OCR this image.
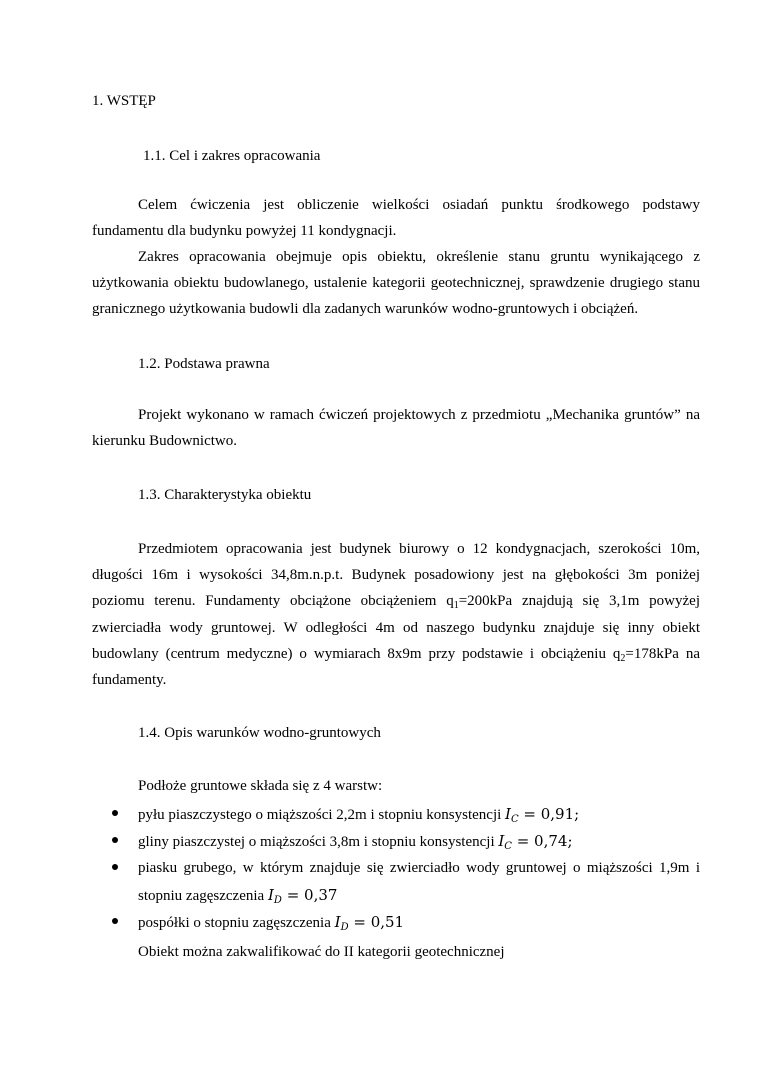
1. WSTĘP
1.1. Cel i zakres opracowania

Celem ćwiczenia jest obliczenie wielkości osiadań punktu środkowego podstawy fundamentu dla budynku powyżej 11 kondygnacji.

Zakres opracowania obejmuje opis obiektu, określenie stanu gruntu wynikającego z użytkowania obiektu budowlanego, ustalenie kategorii geotechnicznej, sprawdzenie drugiego stanu granicznego użytkowania budowli dla zadanych warunków wodno-gruntowych i obciążeń.

1.2. Podstawa prawna

Projekt wykonano w ramach ćwiczeń projektowych z przedmiotu „Mechanika gruntów” na kierunku Budownictwo.

1.3. Charakterystyka obiektu

Przedmiotem opracowania jest budynek biurowy o 12 kondygnacjach, szerokości 10m, długości 16m i wysokości 34,8m.n.p.t. Budynek posadowiony jest na głębokości 3m poniżej poziomu terenu. Fundamenty obciążone obciążeniem $q_1=200kPa$ znajdują się 3,1m powyżej zwierciadła wody gruntowej. W odległości 4m od naszego budynku znajduje się inny obiekt budowlany (centrum medyczne) o wymiarach 8x9m przy podstawie i obciążeniu $q_2=178kPa$ na fundamenty.

1.4. Opis warunków wodno-gruntowych
Podłoże gruntowe składa się z 4 warstw:
pyłu piaszczystego o miąższości 2,2m i stopniu konsystencji $I_C = 0,91$;
gliny piaszczystej o miąższości 3,8m i stopniu konsystencji $I_C = 0,74$;
piasku grubego, w którym znajduje się zwierciadło wody gruntowej o miąższości 1,9m i stopniu zagęszczenia $I_D = 0,37$
pospółki o stopniu zagęszczenia $I_D = 0,51$
Obiekt można zakwalifikować do II kategorii geotechnicznej
